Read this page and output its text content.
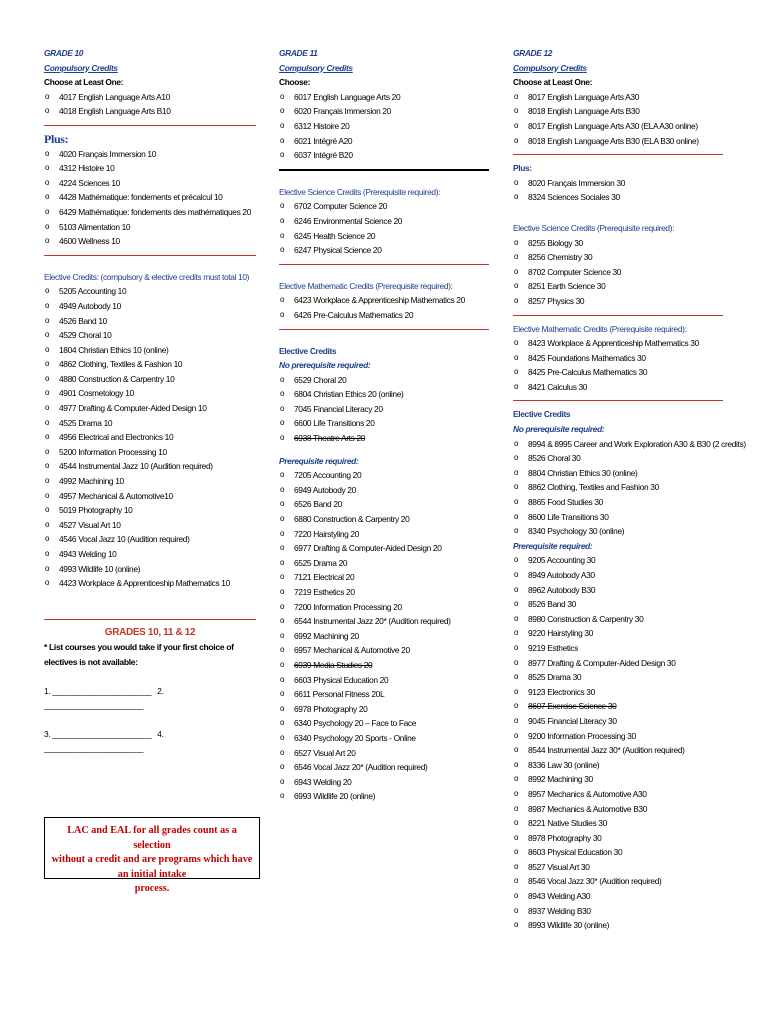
GRADE 10
Compulsory Credits
Choose at Least One:
o 4017 English Language Arts A10
o 4018 English Language Arts B10
Plus:
o 4020 Français Immersion 10
o 4312 Histoire 10
o 4224 Sciences 10
o 4428 Mathématique: fondements et précalcul 10
o 6429 Mathématique: fondements des mathématiques 20
o 5103 Alimentation 10
o 4600 Wellness 10
Elective Credits: (compulsory & elective credits must total 10)
o 5205 Accounting 10
o 4949 Autobody 10
o 4526 Band 10
o 4529 Choral 10
o 1804 Christian Ethics 10 (online)
o 4862 Clothing, Textiles & Fashion 10
o 4880 Construction & Carpentry 10
o 4901 Cosmetology 10
o 4977 Drafting & Computer-Aided Design 10
o 4525 Drama 10
o 4956 Electrical and Electronics 10
o 5200 Information Processing 10
o 4544 Instrumental Jazz 10 (Audition required)
o 4992 Machining 10
o 4957 Mechanical & Automotive10
o 5019 Photography 10
o 4527 Visual Art 10
o 4546 Vocal Jazz 10 (Audition required)
o 4943 Welding 10
o 4993 Wildlife 10 (online)
o 4423 Workplace & Apprenticeship Mathematics 10
GRADES 10, 11 & 12
* List courses you would take if your first choice of electives is not available:
1. _______________________ 2. _______________________
3. _______________________ 4. _______________________
LAC and EAL for all grades count as a selection
without a credit and are programs which have an initial intake
process.
GRADE 11
Compulsory Credits
Choose:
o 6017 English Language Arts 20
o 6020 Français Immersion 20
o 6312 Histoire 20
o 6021 Intégré A20
o 6037 Intégré B20
Elective Science Credits (Prerequisite required):
o 6702 Computer Science 20
o 6246 Environmental Science 20
o 6245 Health Science 20
o 6247 Physical Science 20
Elective Mathematic Credits (Prerequisite required):
o 6423 Workplace & Apprenticeship Mathematics 20
o 6426 Pre-Calculus Mathematics 20
Elective Credits
No prerequisite required:
o 6529 Choral 20
o 6804 Christian Ethics 20 (online)
o 7045 Financial Literacy 20
o 6600 Life Transitions 20
o 6938 Theatre Arts 20
Prerequisite required:
o 7205 Accounting 20
o 6949 Autobody 20
o 6526 Band 20
o 6880 Construction & Carpentry 20
o 7220 Hairstyling 20
o 6977 Drafting & Computer-Aided Design 20
o 6525 Drama 20
o 7121 Electrical 20
o 7219 Esthetics 20
o 7200 Information Processing 20
o 6544 Instrumental Jazz 20* (Audition required)
o 6992 Machining 20
o 6957 Mechanical & Automotive 20
o 6939 Media Studies 20
o 6603 Physical Education 20
o 6611 Personal Fitness 20L
o 6978 Photography 20
o 6340 Psychology 20 – Face to Face
o 6340 Psychology 20 Sports - Online
o 6527 Visual Art 20
o 6546 Vocal Jazz 20* (Audition required)
o 6943 Welding 20
o 6993 Wildlife 20 (online)
GRADE 12
Compulsory Credits
Choose at Least One:
o 8017 English Language Arts A30
o 8018 English Language Arts B30
o 8017 English Language Arts A30 (ELA A30 online)
o 8018 English Language Arts B30 (ELA B30 online)
Plus:
o 8020 Français Immersion 30
o 8324 Sciences Sociales 30
Elective Science Credits (Prerequisite required):
o 8255 Biology 30
o 8256 Chemistry 30
o 8702 Computer Science 30
o 8251 Earth Science 30
o 8257 Physics 30
Elective Mathematic Credits (Prerequisite required):
o 8423 Workplace & Apprenticeship Mathematics 30
o 8425 Foundations Mathematics 30
o 8425 Pre-Calculus Mathematics 30
o 8421 Calculus 30
Elective Credits
No prerequisite required:
o 8994 & 8995 Career and Work Exploration A30 & B30 (2 credits)
o 8526 Choral 30
o 8804 Christian Ethics 30 (online)
o 8862 Clothing, Textiles and Fashion 30
o 8865 Food Studies 30
o 8600 Life Transitions 30
o 8340 Psychology 30 (online)
Prerequisite required:
o 9205 Accounting 30
o 8949 Autobody A30
o 8962 Autobody B30
o 8526 Band 30
o 8980 Construction & Carpentry 30
o 9220 Hairstyling 30
o 9219 Esthetics
o 8977 Drafting & Computer-Aided Design 30
o 8525 Drama 30
o 9123 Electronics 30
o 8607 Exercise Science 30
o 9045 Financial Literacy 30
o 9200 Information Processing 30
o 8544 Instrumental Jazz 30* (Audition required)
o 8336 Law 30 (online)
o 8992 Machining 30
o 8957 Mechanics & Automotive A30
o 8987 Mechanics & Automotive B30
o 8221 Native Studies 30
o 8978 Photography 30
o 8603 Physical Education 30
o 8527 Visual Art 30
o 8546 Vocal Jazz 30* (Audition required)
o 8943 Welding A30
o 8937 Welding B30
o 8993 Wildlife 30 (online)
